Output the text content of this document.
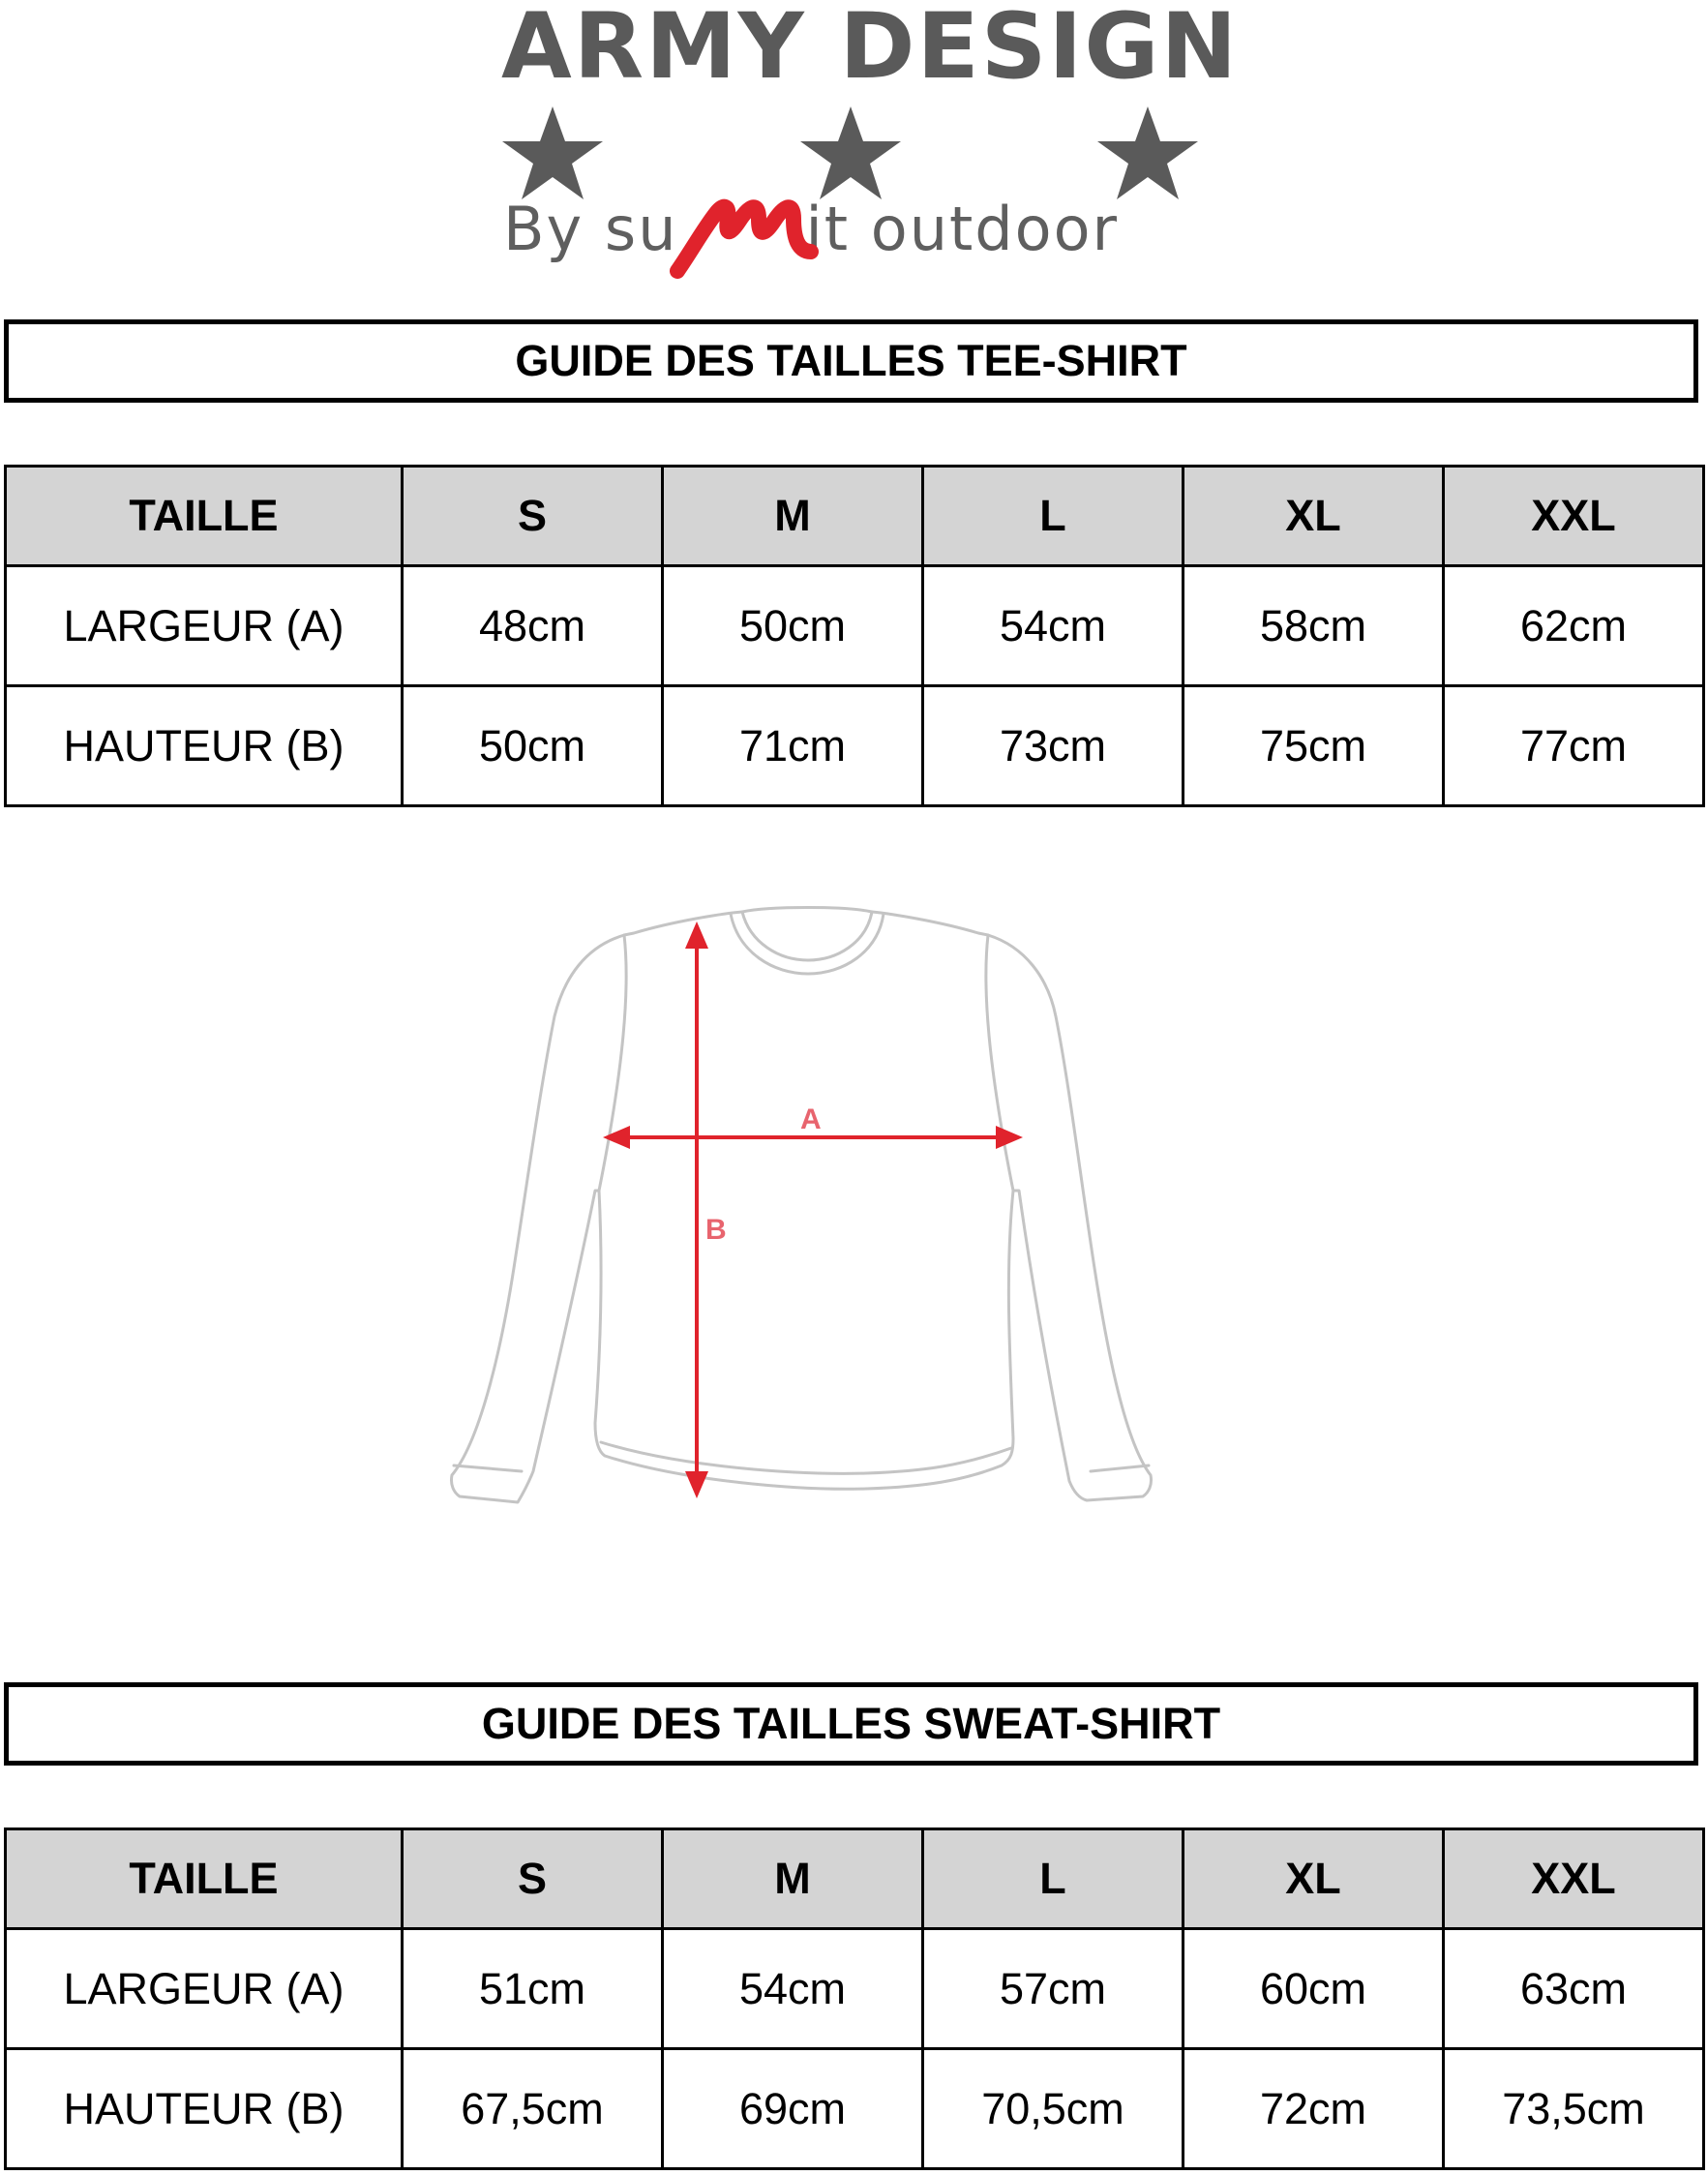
ARMY DESIGN
By su it outdoor
GUIDE DES TAILLES TEE-SHIRT
TAILLE	S	M	L	XL	XXL
LARGEUR (A)	48cm	50cm	54cm	58cm	62cm
HAUTEUR (B)	50cm	71cm	73cm	75cm	77cm
A
B
GUIDE DES TAILLES SWEAT-SHIRT
TAILLE	S	M	L	XL	XXL
LARGEUR (A)	51cm	54cm	57cm	60cm	63cm
HAUTEUR (B)	67,5cm	69cm	70,5cm	72cm	73,5cm
